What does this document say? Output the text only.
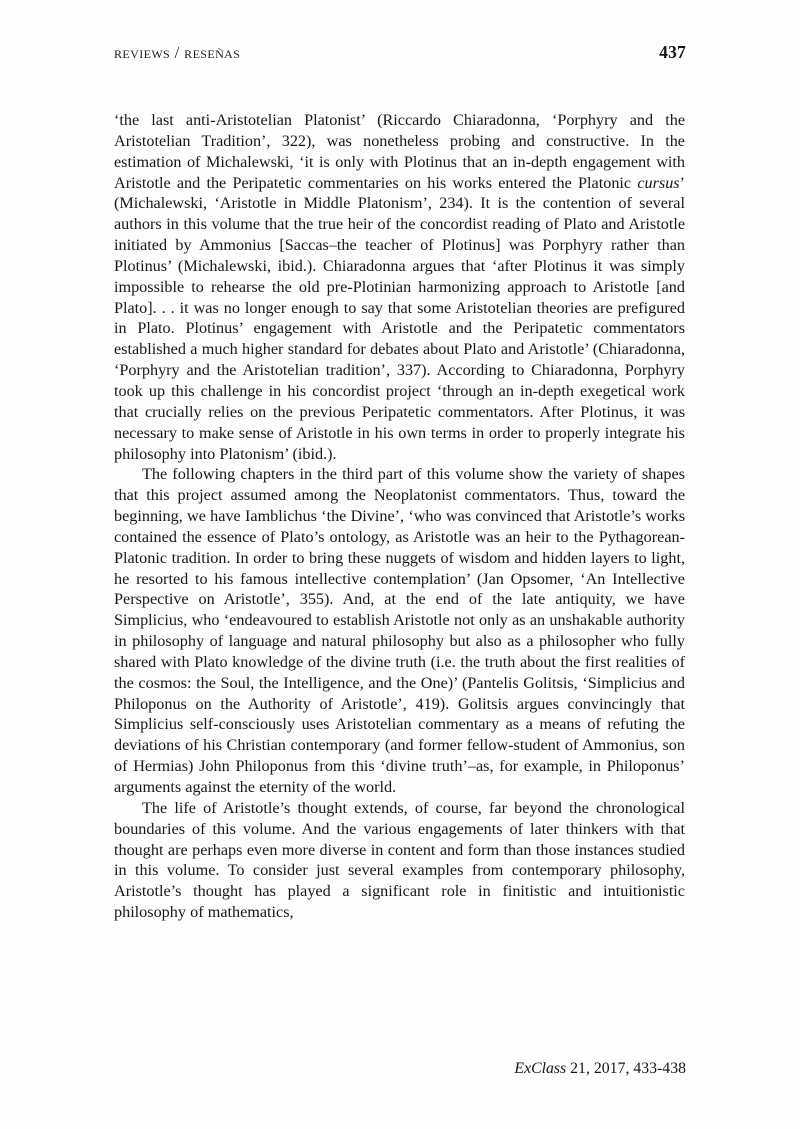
reviews / reseñas	437

‘the last anti-Aristotelian Platonist’ (Riccardo Chiaradonna, ‘Porphyry and the Aristotelian Tradition’, 322), was nonetheless probing and constructive. In the estimation of Michalewski, ‘it is only with Plotinus that an in-depth engagement with Aristotle and the Peripatetic commentaries on his works entered the Platonic cursus’ (Michalewski, ‘Aristotle in Middle Platonism’, 234). It is the contention of several authors in this volume that the true heir of the concordist reading of Plato and Aristotle initiated by Ammonius [Saccas–the teacher of Plotinus] was Porphyry rather than Plotinus’ (Michalewski, ibid.). Chiaradonna argues that ‘after Plotinus it was simply impossible to rehearse the old pre-Plotinian harmonizing approach to Aristotle [and Plato]. . . it was no longer enough to say that some Aristotelian theories are prefigured in Plato. Plotinus’ engagement with Aristotle and the Peripatetic commentators established a much higher standard for debates about Plato and Aristotle’ (Chiaradonna, ‘Porphyry and the Aristotelian tradition’, 337). According to Chiaradonna, Porphyry took up this challenge in his concordist project ‘through an in-depth exegetical work that crucially relies on the previous Peripatetic commentators. After Plotinus, it was necessary to make sense of Aristotle in his own terms in order to properly integrate his philosophy into Platonism’ (ibid.).

The following chapters in the third part of this volume show the variety of shapes that this project assumed among the Neoplatonist commentators. Thus, toward the beginning, we have Iamblichus ‘the Divine’, ‘who was convinced that Aristotle’s works contained the essence of Plato’s ontology, as Aristotle was an heir to the Pythagorean-Platonic tradition. In order to bring these nuggets of wisdom and hidden layers to light, he resorted to his famous intellective contemplation’ (Jan Opsomer, ‘An Intellective Perspective on Aristotle’, 355). And, at the end of the late antiquity, we have Simplicius, who ‘endeavoured to establish Aristotle not only as an unshakable authority in philosophy of language and natural philosophy but also as a philosopher who fully shared with Plato knowledge of the divine truth (i.e. the truth about the first realities of the cosmos: the Soul, the Intelligence, and the One)’ (Pantelis Golitsis, ‘Simplicius and Philoponus on the Authority of Aristotle’, 419). Golitsis argues convincingly that Simplicius self-consciously uses Aristotelian commentary as a means of refuting the deviations of his Christian contemporary (and former fellow-student of Ammonius, son of Hermias) John Philoponus from this ‘divine truth’–as, for example, in Philoponus’ arguments against the eternity of the world.

The life of Aristotle’s thought extends, of course, far beyond the chronological boundaries of this volume. And the various engagements of later thinkers with that thought are perhaps even more diverse in content and form than those instances studied in this volume. To consider just several examples from contemporary philosophy, Aristotle’s thought has played a significant role in finitistic and intuitionistic philosophy of mathematics,

ExClass 21, 2017, 433-438
